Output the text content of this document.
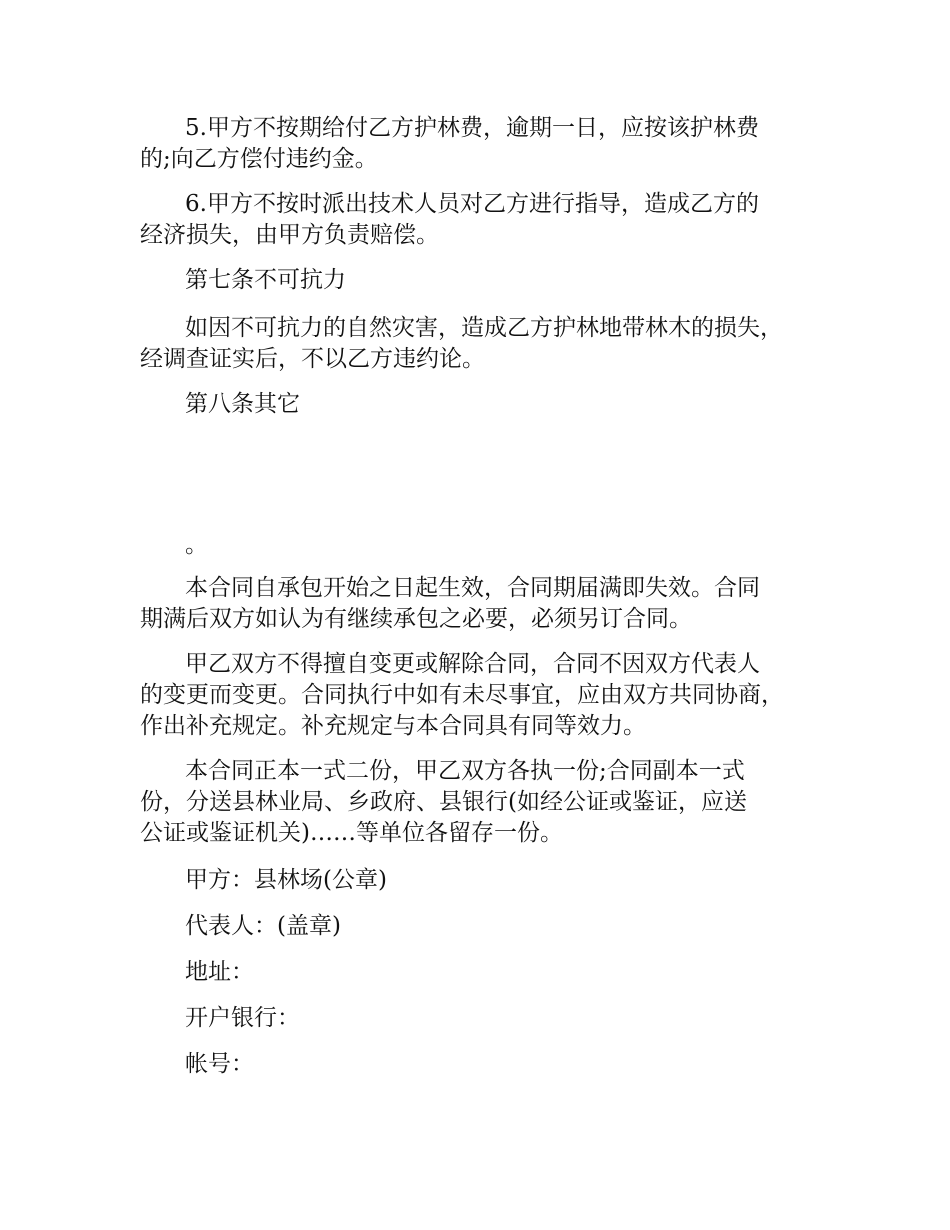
5.甲方不按期给付乙方护林费，逾期一日，应按该护林费

的;向乙方偿付违约金。

6.甲方不按时派出技术人员对乙方进行指导，造成乙方的

经济损失，由甲方负责赔偿。

第七条不可抗力

如因不可抗力的自然灾害，造成乙方护林地带林木的损失，

经调查证实后，不以乙方违约论。

第八条其它

。

本合同自承包开始之日起生效，合同期届满即失效。合同

期满后双方如认为有继续承包之必要，必须另订合同。

甲乙双方不得擅自变更或解除合同，合同不因双方代表人

的变更而变更。合同执行中如有未尽事宜，应由双方共同协商，

作出补充规定。补充规定与本合同具有同等效力。

本合同正本一式二份，甲乙双方各执一份;合同副本一式

份，分送县林业局、乡政府、县银行(如经公证或鉴证，应送

公证或鉴证机关)……等单位各留存一份。

甲方：县林场(公章)

代表人：(盖章)

地址：

开户银行：

帐号：
